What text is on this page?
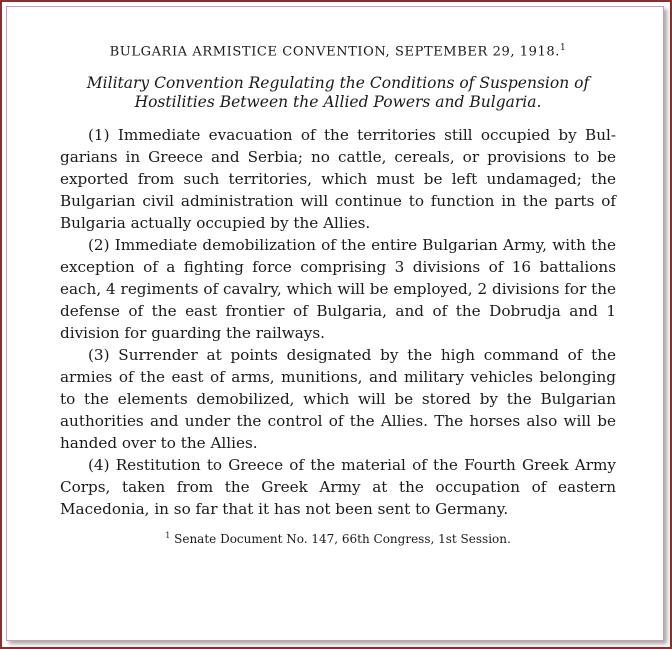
BULGARIA ARMISTICE CONVENTION, SEPTEMBER 29, 1918.$^1$
Military Convention Regulating the Conditions of Suspension of
Hostilities Between the Allied Powers and Bulgaria.

(1) Immediate evacuation of the territories still occupied by Bulgarians in Greece and Serbia; no cattle, cereals, or provisions to be exported from such territories, which must be left undamaged; the Bulgarian civil administration will continue to function in the parts of Bulgaria actually occupied by the Allies.

(2) Immediate demobilization of the entire Bulgarian Army, with the exception of a fighting force comprising 3 divisions of 16 battalions each, 4 regiments of cavalry, which will be employed, 2 divisions for the defense of the east frontier of Bulgaria, and of the Dobrudja and 1 division for guarding the railways.

(3) Surrender at points designated by the high command of the armies of the east of arms, munitions, and military vehicles belonging to the elements demobilized, which will be stored by the Bulgarian authorities and under the control of the Allies. The horses also will be handed over to the Allies.

(4) Restitution to Greece of the material of the Fourth Greek Army Corps, taken from the Greek Army at the occupation of eastern Macedonia, in so far that it has not been sent to Germany.

$^1$ Senate Document No. 147, 66th Congress, 1st Session.
